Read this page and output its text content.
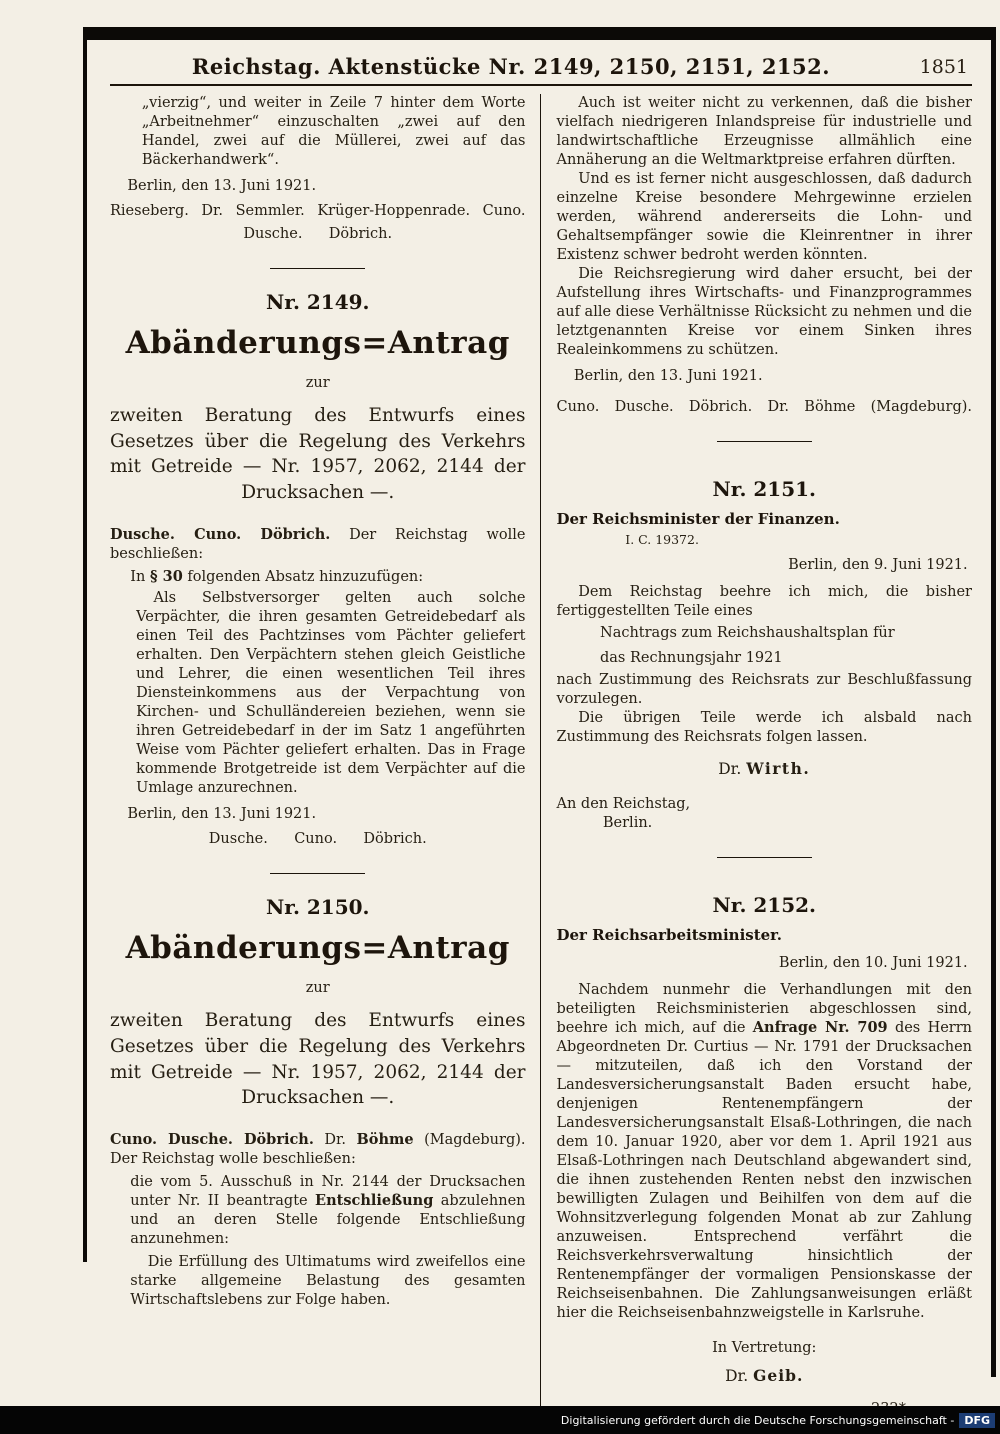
Reichstag. Aktenstücke Nr. 2149, 2150, 2151, 2152.	1851

„vierzig“, und weiter in Zeile 7 hinter dem Worte „Arbeitnehmer“ einzuschalten „zwei auf den Handel, zwei auf die Müllerei, zwei auf das Bäckerhandwerk“.

Berlin, den 13. Juni 1921.

Rieseberg. Dr. Semmler. Krüger-Hoppenrade. Cuno.

Dusche. Döbrich.

Nr. 2149.
Abänderungs=Antrag

zur

zweiten Beratung des Entwurfs eines Gesetzes über die Regelung des Verkehrs mit Getreide — Nr. 1957, 2062, 2144 der Drucksachen —.

Dusche. Cuno. Döbrich. Der Reichstag wolle beschließen:

In § 30 folgenden Absatz hinzuzufügen:

Als Selbstversorger gelten auch solche Verpächter, die ihren gesamten Getreidebedarf als einen Teil des Pachtzinses vom Pächter geliefert erhalten. Den Verpächtern stehen gleich Geistliche und Lehrer, die einen wesentlichen Teil ihres Diensteinkommens aus der Verpachtung von Kirchen- und Schulländereien beziehen, wenn sie ihren Getreidebedarf in der im Satz 1 angeführten Weise vom Pächter geliefert erhalten. Das in Frage kommende Brotgetreide ist dem Verpächter auf die Umlage anzurechnen.

Berlin, den 13. Juni 1921.

Dusche. Cuno. Döbrich.

Nr. 2150.
Abänderungs=Antrag

zur

zweiten Beratung des Entwurfs eines Gesetzes über die Regelung des Verkehrs mit Getreide — Nr. 1957, 2062, 2144 der Drucksachen —.

Cuno. Dusche. Döbrich. Dr. Böhme (Magdeburg). Der Reichstag wolle beschließen:

die vom 5. Ausschuß in Nr. 2144 der Drucksachen unter Nr. II beantragte Entschließung abzulehnen und an deren Stelle folgende Entschließung anzunehmen:

Die Erfüllung des Ultimatums wird zweifellos eine starke allgemeine Belastung des gesamten Wirtschaftslebens zur Folge haben.

Auch ist weiter nicht zu verkennen, daß die bisher vielfach niedrigeren Inlandspreise für industrielle und landwirtschaftliche Erzeugnisse allmählich eine Annäherung an die Weltmarktpreise erfahren dürften.

Und es ist ferner nicht ausgeschlossen, daß dadurch einzelne Kreise besondere Mehrgewinne erzielen werden, während andererseits die Lohn- und Gehaltsempfänger sowie die Kleinrentner in ihrer Existenz schwer bedroht werden könnten.

Die Reichsregierung wird daher ersucht, bei der Aufstellung ihres Wirtschafts- und Finanzprogrammes auf alle diese Verhältnisse Rücksicht zu nehmen und die letztgenannten Kreise vor einem Sinken ihres Realeinkommens zu schützen.

Berlin, den 13. Juni 1921.

Cuno. Dusche. Döbrich. Dr. Böhme (Magdeburg).

Nr. 2151.

Der Reichsminister der Finanzen.

I. C. 19372.

Berlin, den 9. Juni 1921.

Dem Reichstag beehre ich mich, die bisher fertiggestellten Teile eines

Nachtrags zum Reichshaushaltsplan für

das Rechnungsjahr 1921

nach Zustimmung des Reichsrats zur Beschlußfassung vorzulegen.

Die übrigen Teile werde ich alsbald nach Zustimmung des Reichsrats folgen lassen.

Dr. Wirth.

An den Reichstag,

Berlin.

Nr. 2152.

Der Reichsarbeitsminister.

Berlin, den 10. Juni 1921.

Nachdem nunmehr die Verhandlungen mit den beteiligten Reichsministerien abgeschlossen sind, beehre ich mich, auf die Anfrage Nr. 709 des Herrn Abgeordneten Dr. Curtius — Nr. 1791 der Drucksachen — mitzuteilen, daß ich den Vorstand der Landesversicherungsanstalt Baden ersucht habe, denjenigen Rentenempfängern der Landesversicherungsanstalt Elsaß-Lothringen, die nach dem 10. Januar 1920, aber vor dem 1. April 1921 aus Elsaß-Lothringen nach Deutschland abgewandert sind, die ihnen zustehenden Renten nebst den inzwischen bewilligten Zulagen und Beihilfen von dem auf die Wohnsitzverlegung folgenden Monat ab zur Zahlung anzuweisen. Entsprechend verfährt die Reichsverkehrsverwaltung hinsichtlich der Rentenempfänger der vormaligen Pensionskasse der Reichseisenbahnen. Die Zahlungsanweisungen erläßt hier die Reichseisenbahnzweigstelle in Karlsruhe.

In Vertretung:

Dr. Geib.

Digitalisierung gefördert durch die Deutsche Forschungsgemeinschaft - DFG
